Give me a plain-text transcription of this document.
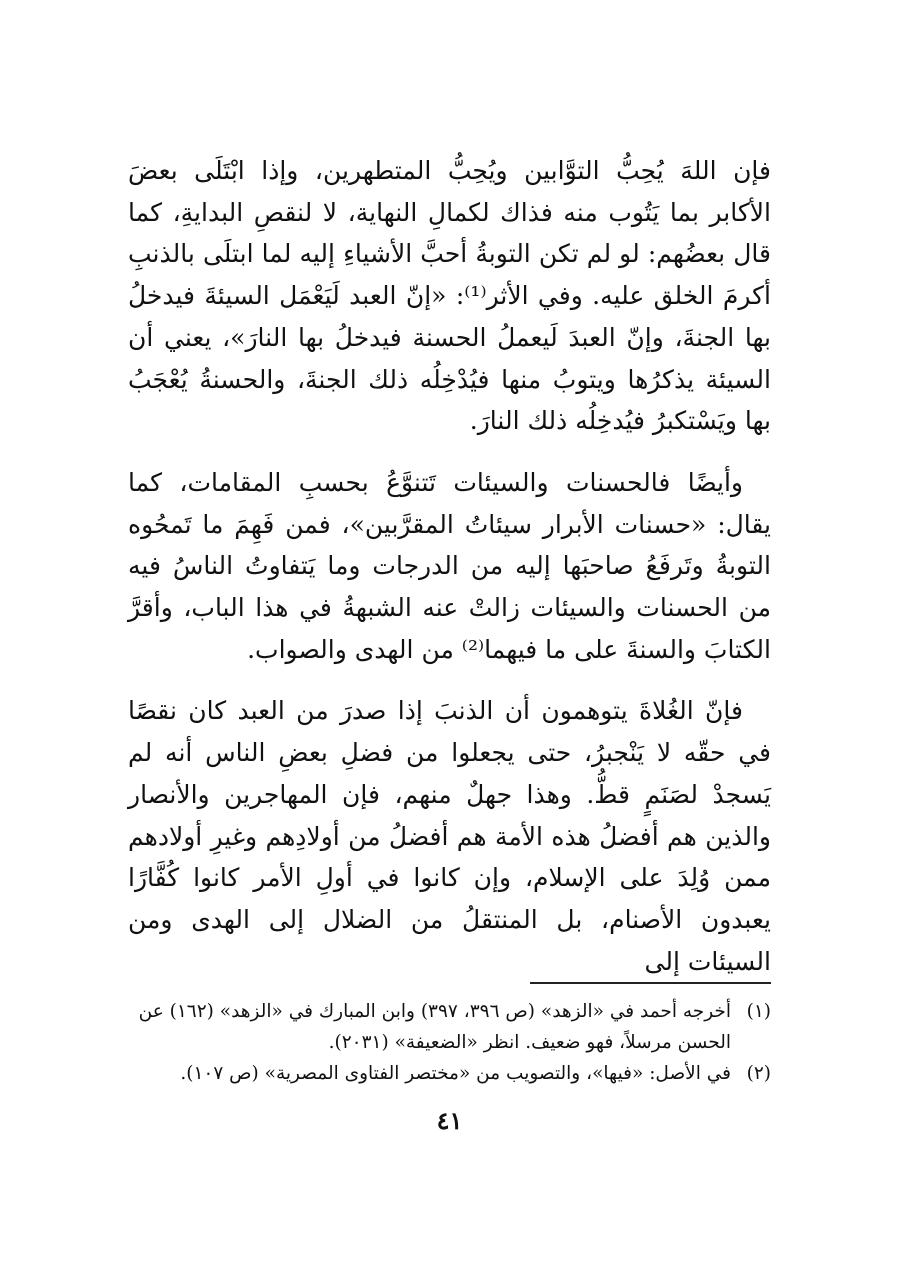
فإن اللهَ يُحِبُّ التوَّابين ويُحِبُّ المتطهرين، وإذا ابْتَلَى بعضَ الأكابر بما يَتُوب منه فذاك لكمالِ النهاية، لا لنقصِ البدايةِ، كما قال بعضُهم: لو لم تكن التوبةُ أحبَّ الأشياءِ إليه لما ابتلَى بالذنبِ أكرمَ الخلق عليه. وفي الأثر⁽¹⁾: «إنّ العبد لَيَعْمَل السيئةَ فيدخلُ بها الجنةَ، وإنّ العبدَ لَيعملُ الحسنة فيدخلُ بها النارَ»، يعني أن السيئة يذكرُها ويتوبُ منها فيُدْخِلُه ذلك الجنةَ، والحسنةُ يُعْجَبُ بها ويَسْتكبرُ فيُدخِلُه ذلك النارَ.

وأيضًا فالحسنات والسيئات تَتنوَّعُ بحسبِ المقامات، كما يقال: «حسنات الأبرار سيئاتُ المقرَّبين»، فمن فَهِمَ ما تَمحُوه التوبةُ وتَرفَعُ صاحبَها إليه من الدرجات وما يَتفاوتُ الناسُ فيه من الحسنات والسيئات زالتْ عنه الشبهةُ في هذا الباب، وأقرَّ الكتابَ والسنةَ على ما فيهما⁽²⁾ من الهدى والصواب.

فإنّ الغُلاةَ يتوهمون أن الذنبَ إذا صدرَ من العبد كان نقصًا في حقّه لا يَنْجبرُ، حتى يجعلوا من فضلِ بعضِ الناس أنه لم يَسجدْ لصَنَمٍ قطُّ. وهذا جهلٌ منهم، فإن المهاجرين والأنصار والذين هم أفضلُ هذه الأمة هم أفضلُ من أولادِهم وغيرِ أولادهم ممن وُلِدَ على الإسلام، وإن كانوا في أولِ الأمر كانوا كُفَّارًا يعبدون الأصنام، بل المنتقلُ من الضلال إلى الهدى ومن السيئات إلى

(١)
أخرجه أحمد في «الزهد» (ص ٣٩٦، ٣٩٧) وابن المبارك في «الزهد» (١٦٢) عن الحسن مرسلاً، فهو ضعيف. انظر «الضعيفة» (٢٠٣١).
(٢)
في الأصل: «فيها»، والتصويب من «مختصر الفتاوى المصرية» (ص ١٠٧).
٤١
